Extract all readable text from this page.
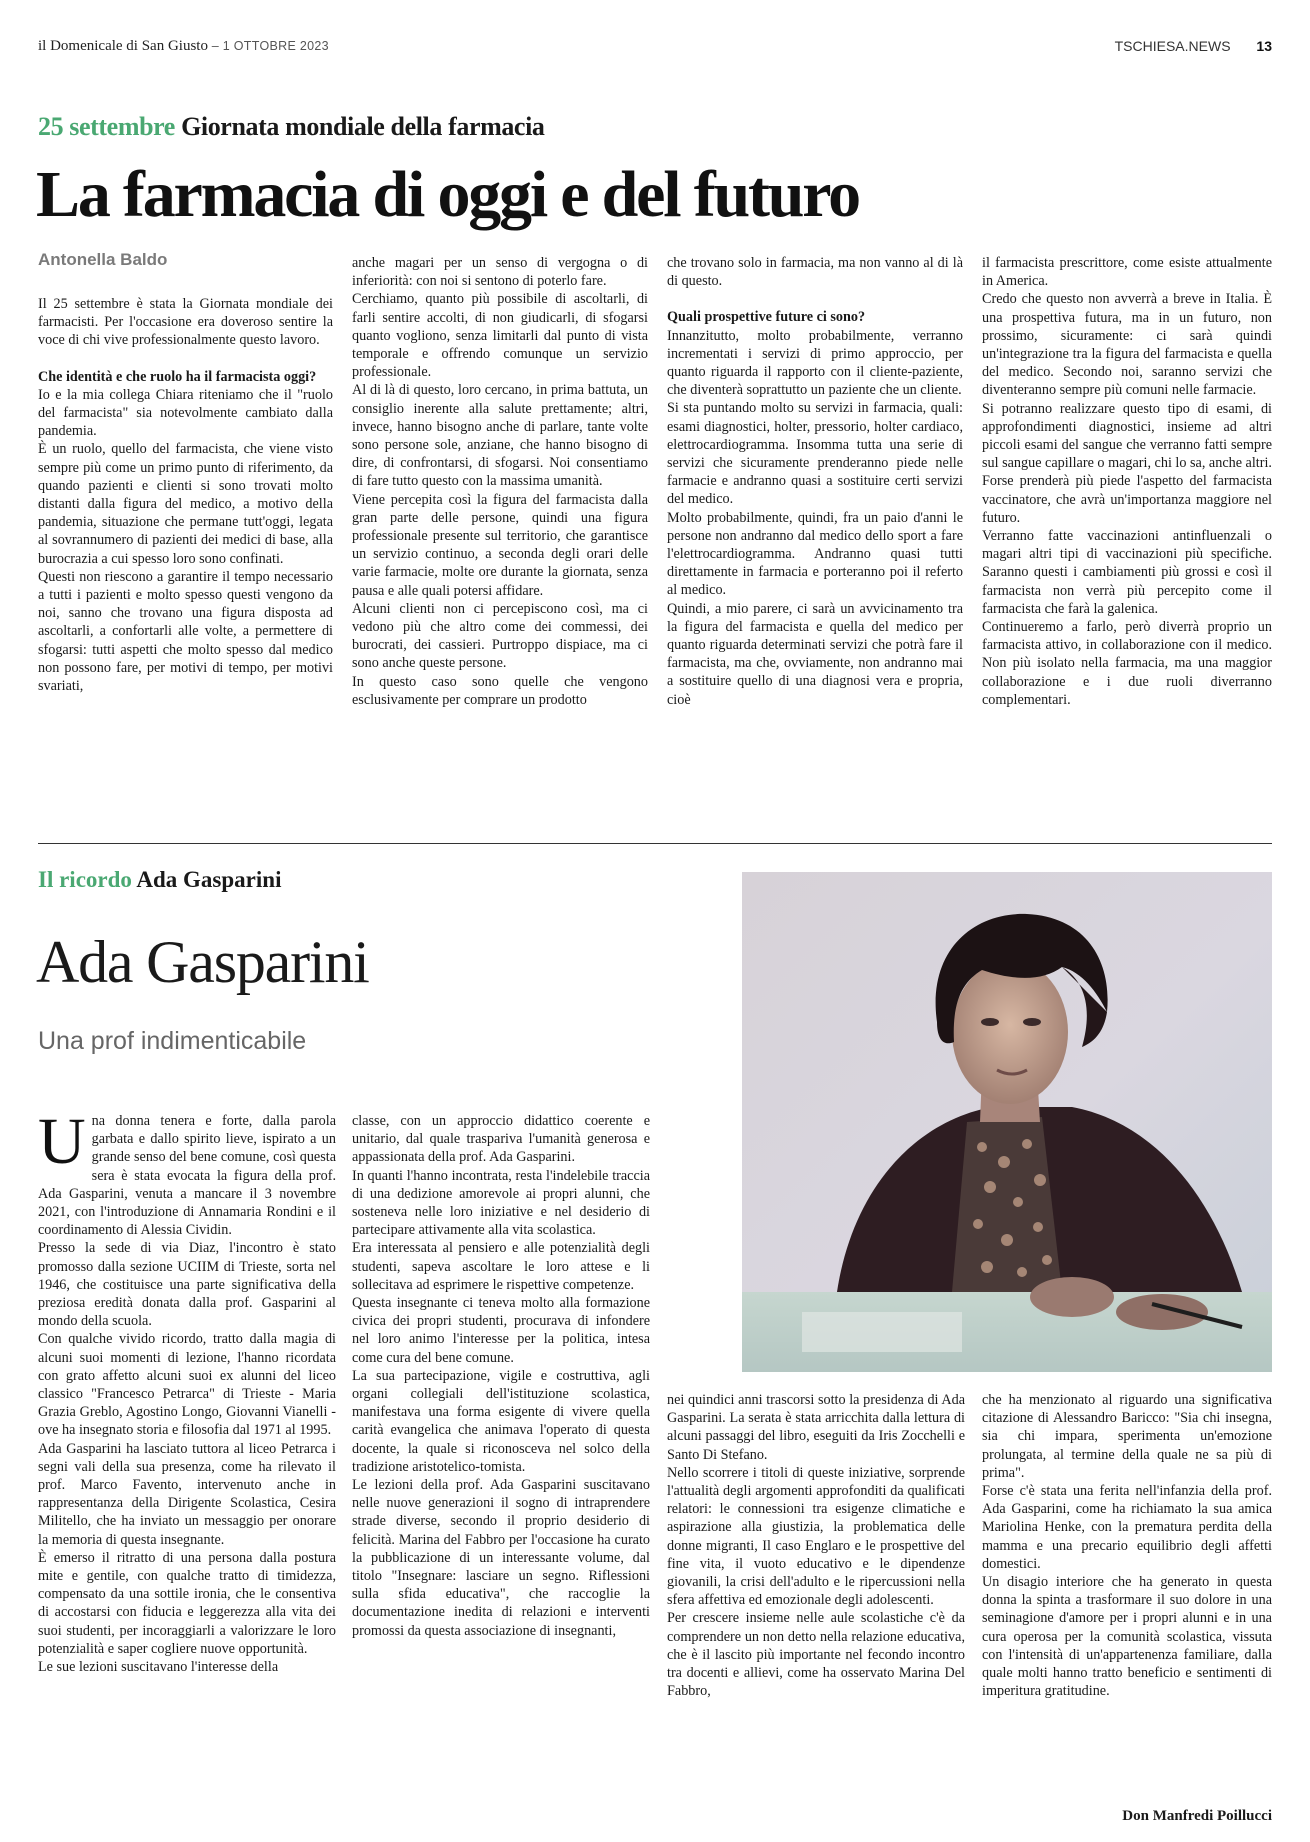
il Domenicale di San Giusto – 1 OTTOBRE 2023	TSCHIESA.NEWS 13
25 settembre Giornata mondiale della farmacia
La farmacia di oggi e del futuro
Antonella Baldo

Il 25 settembre è stata la Giornata mondiale dei farmacisti. Per l'occasione era doveroso sentire la voce di chi vive professionalmente questo lavoro.

Che identità e che ruolo ha il farmacista oggi?

Io e la mia collega Chiara riteniamo che il "ruolo del farmacista" sia notevolmente cambiato dalla pandemia.

È un ruolo, quello del farmacista, che viene visto sempre più come un primo punto di riferimento, da quando pazienti e clienti si sono trovati molto distanti dalla figura del medico, a motivo della pandemia, situazione che permane tutt'oggi, legata al sovrannumero di pazienti dei medici di base, alla burocrazia a cui spesso loro sono confinati.

Questi non riescono a garantire il tempo necessario a tutti i pazienti e molto spesso questi vengono da noi, sanno che trovano una figura disposta ad ascoltarli, a confortarli alle volte, a permettere di sfogarsi: tutti aspetti che molto spesso dal medico non possono fare, per motivi di tempo, per motivi svariati,

anche magari per un senso di vergogna o di inferiorità: con noi si sentono di poterlo fare.

Cerchiamo, quanto più possibile di ascoltarli, di farli sentire accolti, di non giudicarli, di sfogarsi quanto vogliono, senza limitarli dal punto di vista temporale e offrendo comunque un servizio professionale.

Al di là di questo, loro cercano, in prima battuta, un consiglio inerente alla salute prettamente; altri, invece, hanno bisogno anche di parlare, tante volte sono persone sole, anziane, che hanno bisogno di dire, di confrontarsi, di sfogarsi. Noi consentiamo di fare tutto questo con la massima umanità.

Viene percepita così la figura del farmacista dalla gran parte delle persone, quindi una figura professionale presente sul territorio, che garantisce un servizio continuo, a seconda degli orari delle varie farmacie, molte ore durante la giornata, senza pausa e alle quali potersi affidare.

Alcuni clienti non ci percepiscono così, ma ci vedono più che altro come dei commessi, dei burocrati, dei cassieri. Purtroppo dispiace, ma ci sono anche queste persone.

In questo caso sono quelle che vengono esclusivamente per comprare un prodotto

che trovano solo in farmacia, ma non vanno al di là di questo.

Quali prospettive future ci sono?

Innanzitutto, molto probabilmente, verranno incrementati i servizi di primo approccio, per quanto riguarda il rapporto con il cliente-paziente, che diventerà soprattutto un paziente che un cliente.

Si sta puntando molto su servizi in farmacia, quali: esami diagnostici, holter, pressorio, holter cardiaco, elettrocardiogramma. Insomma tutta una serie di servizi che sicuramente prenderanno piede nelle farmacie e andranno quasi a sostituire certi servizi del medico.

Molto probabilmente, quindi, fra un paio d'anni le persone non andranno dal medico dello sport a fare l'elettrocardiogramma. Andranno quasi tutti direttamente in farmacia e porteranno poi il referto al medico.

Quindi, a mio parere, ci sarà un avvicinamento tra la figura del farmacista e quella del medico per quanto riguarda determinati servizi che potrà fare il farmacista, ma che, ovviamente, non andranno mai a sostituire quello di una diagnosi vera e propria, cioè

il farmacista prescrittore, come esiste attualmente in America.

Credo che questo non avverrà a breve in Italia. È una prospettiva futura, ma in un futuro, non prossimo, sicuramente: ci sarà quindi un'integrazione tra la figura del farmacista e quella del medico. Secondo noi, saranno servizi che diventeranno sempre più comuni nelle farmacie.

Si potranno realizzare questo tipo di esami, di approfondimenti diagnostici, insieme ad altri piccoli esami del sangue che verranno fatti sempre sul sangue capillare o magari, chi lo sa, anche altri.

Forse prenderà più piede l'aspetto del farmacista vaccinatore, che avrà un'importanza maggiore nel futuro.

Verranno fatte vaccinazioni antinfluenzali o magari altri tipi di vaccinazioni più specifiche. Saranno questi i cambiamenti più grossi e così il farmacista non verrà più percepito come il farmacista che farà la galenica.

Continueremo a farlo, però diverrà proprio un farmacista attivo, in collaborazione con il medico. Non più isolato nella farmacia, ma una maggior collaborazione e i due ruoli diverranno complementari.

Il ricordo Ada Gasparini
Ada Gasparini
Una prof indimenticabile

Una donna tenera e forte, dalla parola garbata e dallo spirito lieve, ispirato a un grande senso del bene comune, così questa sera è stata evocata la figura della prof. Ada Gasparini, venuta a mancare il 3 novembre 2021, con l'introduzione di Annamaria Rondini e il coordinamento di Alessia Cividin.

Presso la sede di via Diaz, l'incontro è stato promosso dalla sezione UCIIM di Trieste, sorta nel 1946, che costituisce una parte significativa della preziosa eredità donata dalla prof. Gasparini al mondo della scuola.

Con qualche vivido ricordo, tratto dalla magia di alcuni suoi momenti di lezione, l'hanno ricordata con grato affetto alcuni suoi ex alunni del liceo classico "Francesco Petrarca" di Trieste - Maria Grazia Greblo, Agostino Longo, Giovanni Vianelli - ove ha insegnato storia e filosofia dal 1971 al 1995.

Ada Gasparini ha lasciato tuttora al liceo Petrarca i segni vali della sua presenza, come ha rilevato il prof. Marco Favento, intervenuto anche in rappresentanza della Dirigente Scolastica, Cesira Militello, che ha inviato un messaggio per onorare la memoria di questa insegnante.

È emerso il ritratto di una persona dalla postura mite e gentile, con qualche tratto di timidezza, compensato da una sottile ironia, che le consentiva di accostarsi con fiducia e leggerezza alla vita dei suoi studenti, per incoraggiarli a valorizzare le loro potenzialità e saper cogliere nuove opportunità.

Le sue lezioni suscitavano l'interesse della

classe, con un approccio didattico coerente e unitario, dal quale traspariva l'umanità generosa e appassionata della prof. Ada Gasparini.

In quanti l'hanno incontrata, resta l'indelebile traccia di una dedizione amorevole ai propri alunni, che sosteneva nelle loro iniziative e nel desiderio di partecipare attivamente alla vita scolastica.

Era interessata al pensiero e alle potenzialità degli studenti, sapeva ascoltare le loro attese e li sollecitava ad esprimere le rispettive competenze.

Questa insegnante ci teneva molto alla formazione civica dei propri studenti, procurava di infondere nel loro animo l'interesse per la politica, intesa come cura del bene comune.

La sua partecipazione, vigile e costruttiva, agli organi collegiali dell'istituzione scolastica, manifestava una forma esigente di vivere quella carità evangelica che animava l'operato di questa docente, la quale si riconosceva nel solco della tradizione aristotelico-tomista.

Le lezioni della prof. Ada Gasparini suscitavano nelle nuove generazioni il sogno di intraprendere strade diverse, secondo il proprio desiderio di felicità. Marina del Fabbro per l'occasione ha curato la pubblicazione di un interessante volume, dal titolo "Insegnare: lasciare un segno. Riflessioni sulla sfida educativa", che raccoglie la documentazione inedita di relazioni e interventi promossi da questa associazione di insegnanti,

nei quindici anni trascorsi sotto la presidenza di Ada Gasparini. La serata è stata arricchita dalla lettura di alcuni passaggi del libro, eseguiti da Iris Zocchelli e Santo Di Stefano.

Nello scorrere i titoli di queste iniziative, sorprende l'attualità degli argomenti approfonditi da qualificati relatori: le connessioni tra esigenze climatiche e aspirazione alla giustizia, la problematica delle donne migranti, Il caso Englaro e le prospettive del fine vita, il vuoto educativo e le dipendenze giovanili, la crisi dell'adulto e le ripercussioni nella sfera affettiva ed emozionale degli adolescenti.

Per crescere insieme nelle aule scolastiche c'è da comprendere un non detto nella relazione educativa, che è il lascito più importante nel fecondo incontro tra docenti e allievi, come ha osservato Marina Del Fabbro,

che ha menzionato al riguardo una significativa citazione di Alessandro Baricco: "Sia chi insegna, sia chi impara, sperimenta un'emozione prolungata, al termine della quale ne sa più di prima".

Forse c'è stata una ferita nell'infanzia della prof. Ada Gasparini, come ha richiamato la sua amica Mariolina Henke, con la prematura perdita della mamma e una precario equilibrio degli affetti domestici.

Un disagio interiore che ha generato in questa donna la spinta a trasformare il suo dolore in una seminagione d'amore per i propri alunni e in una cura operosa per la comunità scolastica, vissuta con l'intensità di un'appartenenza familiare, dalla quale molti hanno tratto beneficio e sentimenti di imperitura gratitudine.

Don Manfredi Poillucci
